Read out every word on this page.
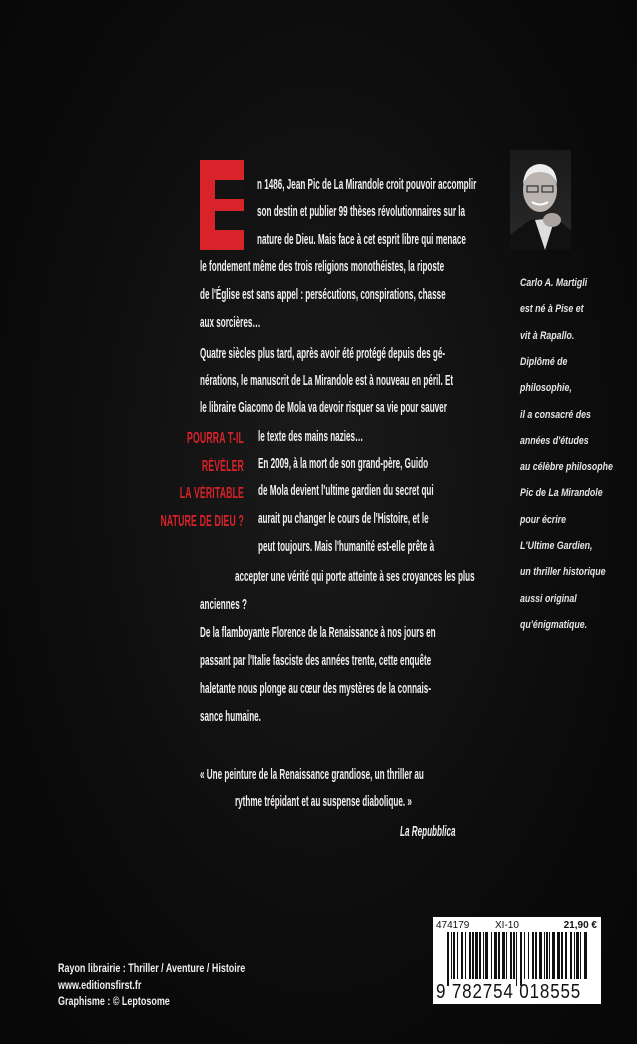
n 1486, Jean Pic de La Mirandole croit pouvoir accomplir
son destin et publier 99 thèses révolutionnaires sur la
nature de Dieu. Mais face à cet esprit libre qui menace
le fondement même des trois religions monothéistes, la riposte
de l'Église est sans appel : persécutions, conspirations, chasse
aux sorcières…
Quatre siècles plus tard, après avoir été protégé depuis des gé-
nérations, le manuscrit de La Mirandole est à nouveau en péril. Et
le libraire Giacomo de Mola va devoir risquer sa vie pour sauver
le texte des mains nazies…
En 2009, à la mort de son grand-père, Guido
de Mola devient l'ultime gardien du secret qui
aurait pu changer le cours de l'Histoire, et le
peut toujours. Mais l'humanité est-elle prête à
accepter une vérité qui porte atteinte à ses croyances les plus
anciennes ?
De la flamboyante Florence de la Renaissance à nos jours en
passant par l'Italie fasciste des années trente, cette enquête
haletante nous plonge au cœur des mystères de la connais-
sance humaine.
POURRA T-IL
RÉVÉLER
LA VÉRITABLE
NATURE DE DIEU ?
« Une peinture de la Renaissance grandiose, un thriller au
rythme trépidant et au suspense diabolique. »
La Repubblica
Carlo A. Martigli
est né à Pise et
vit à Rapallo.
Diplômé de
philosophie,
il a consacré des
années d'études
au célèbre philosophe
Pic de La Mirandole
pour écrire
L'Ultime Gardien,
un thriller historique
aussi original
qu'énigmatique.
Rayon librairie : Thriller / Aventure / Histoire
www.editionsfirst.fr
Graphisme : © Leptosome
474179	XI-10	21,90 €
9 782754 018555
